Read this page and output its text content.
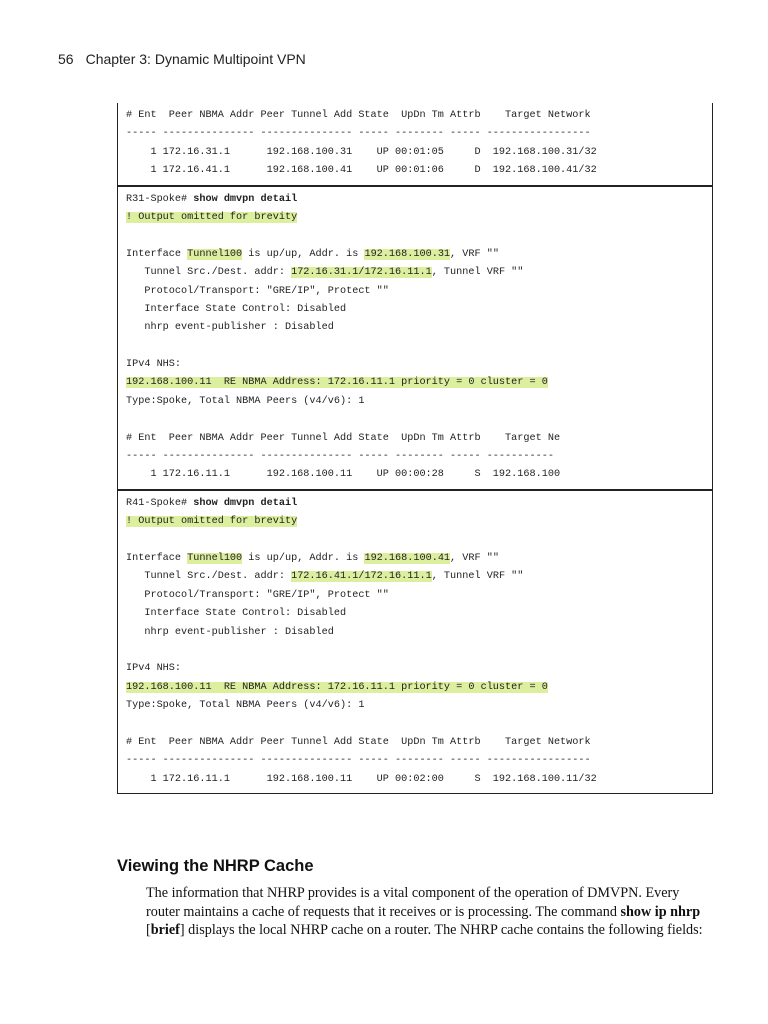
56 Chapter 3: Dynamic Multipoint VPN
# Ent  Peer NBMA Addr Peer Tunnel Add State  UpDn Tm Attrb    Target Network
----- --------------- --------------- ----- -------- ----- -----------------
1 172.16.31.1      192.168.100.31    UP 00:01:05     D  192.168.100.31/32
1 172.16.41.1      192.168.100.41    UP 00:01:06     D  192.168.100.41/32
R31-Spoke# show dmvpn detail
! Output omitted for brevity
Interface Tunnel100 is up/up, Addr. is 192.168.100.31, VRF ""
Tunnel Src./Dest. addr: 172.16.31.1/172.16.11.1, Tunnel VRF ""
Protocol/Transport: "GRE/IP", Protect ""
Interface State Control: Disabled
nhrp event-publisher : Disabled
IPv4 NHS:
192.168.100.11  RE NBMA Address: 172.16.11.1 priority = 0 cluster = 0
Type:Spoke, Total NBMA Peers (v4/v6): 1
# Ent  Peer NBMA Addr Peer Tunnel Add State  UpDn Tm Attrb    Target Ne
----- --------------- --------------- ----- -------- ----- -----------
1 172.16.11.1      192.168.100.11    UP 00:00:28     S  192.168.100
R41-Spoke# show dmvpn detail
! Output omitted for brevity
Interface Tunnel100 is up/up, Addr. is 192.168.100.41, VRF ""
Tunnel Src./Dest. addr: 172.16.41.1/172.16.11.1, Tunnel VRF ""
Protocol/Transport: "GRE/IP", Protect ""
Interface State Control: Disabled
nhrp event-publisher : Disabled
IPv4 NHS:
192.168.100.11  RE NBMA Address: 172.16.11.1 priority = 0 cluster = 0
Type:Spoke, Total NBMA Peers (v4/v6): 1
# Ent  Peer NBMA Addr Peer Tunnel Add State  UpDn Tm Attrb    Target Network
----- --------------- --------------- ----- -------- ----- -----------------
1 172.16.11.1      192.168.100.11    UP 00:02:00     S  192.168.100.11/32
Viewing the NHRP Cache
The information that NHRP provides is a vital component of the operation of DMVPN. Every router maintains a cache of requests that it receives or is processing. The command show ip nhrp [brief] displays the local NHRP cache on a router. The NHRP cache contains the following fields:
